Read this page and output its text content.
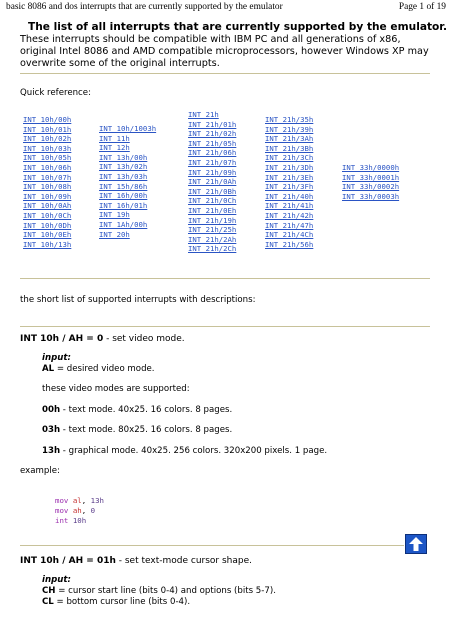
basic 8086 and dos interrupts that are currently supported by the emulator	Page 1 of 19
The list of all interrupts that are currently supported by the emulator.
These interrupts should be compatible with IBM PC and all generations of x86,
original Intel 8086 and AMD compatible microprocessors, however Windows XP may
overwrite some of the original interrupts.
Quick reference:
INT 10h/00h
INT 10h/01h
INT 10h/02h
INT 10h/03h
INT 10h/05h
INT 10h/06h
INT 10h/07h
INT 10h/08h
INT 10h/09h
INT 10h/0Ah
INT 10h/0Ch
INT 10h/0Dh
INT 10h/0Eh
INT 10h/13h
INT 10h/1003h
INT 11h
INT 12h
INT 13h/00h
INT 13h/02h
INT 13h/03h
INT 15h/86h
INT 16h/00h
INT 16h/01h
INT 19h
INT 1Ah/00h
INT 20h
INT 21h
INT 21h/01h
INT 21h/02h
INT 21h/05h
INT 21h/06h
INT 21h/07h
INT 21h/09h
INT 21h/0Ah
INT 21h/0Bh
INT 21h/0Ch
INT 21h/0Eh
INT 21h/19h
INT 21h/25h
INT 21h/2Ah
INT 21h/2Ch
INT 21h/35h
INT 21h/39h
INT 21h/3Ah
INT 21h/3Bh
INT 21h/3Ch
INT 21h/3Dh
INT 21h/3Eh
INT 21h/3Fh
INT 21h/40h
INT 21h/41h
INT 21h/42h
INT 21h/47h
INT 21h/4Ch
INT 21h/56h
INT 33h/0000h
INT 33h/0001h
INT 33h/0002h
INT 33h/0003h
the short list of supported interrupts with descriptions:
INT 10h / AH = 0 - set video mode.
input:
AL = desired video mode.
these video modes are supported:
00h - text mode. 40x25. 16 colors. 8 pages.
03h - text mode. 80x25. 16 colors. 8 pages.
13h - graphical mode. 40x25. 256 colors. 320x200 pixels. 1 page.
example:
mov al, 13h
mov ah, 0
int 10h
INT 10h / AH = 01h - set text-mode cursor shape.
input:
CH = cursor start line (bits 0-4) and options (bits 5-7).
CL = bottom cursor line (bits 0-4).
